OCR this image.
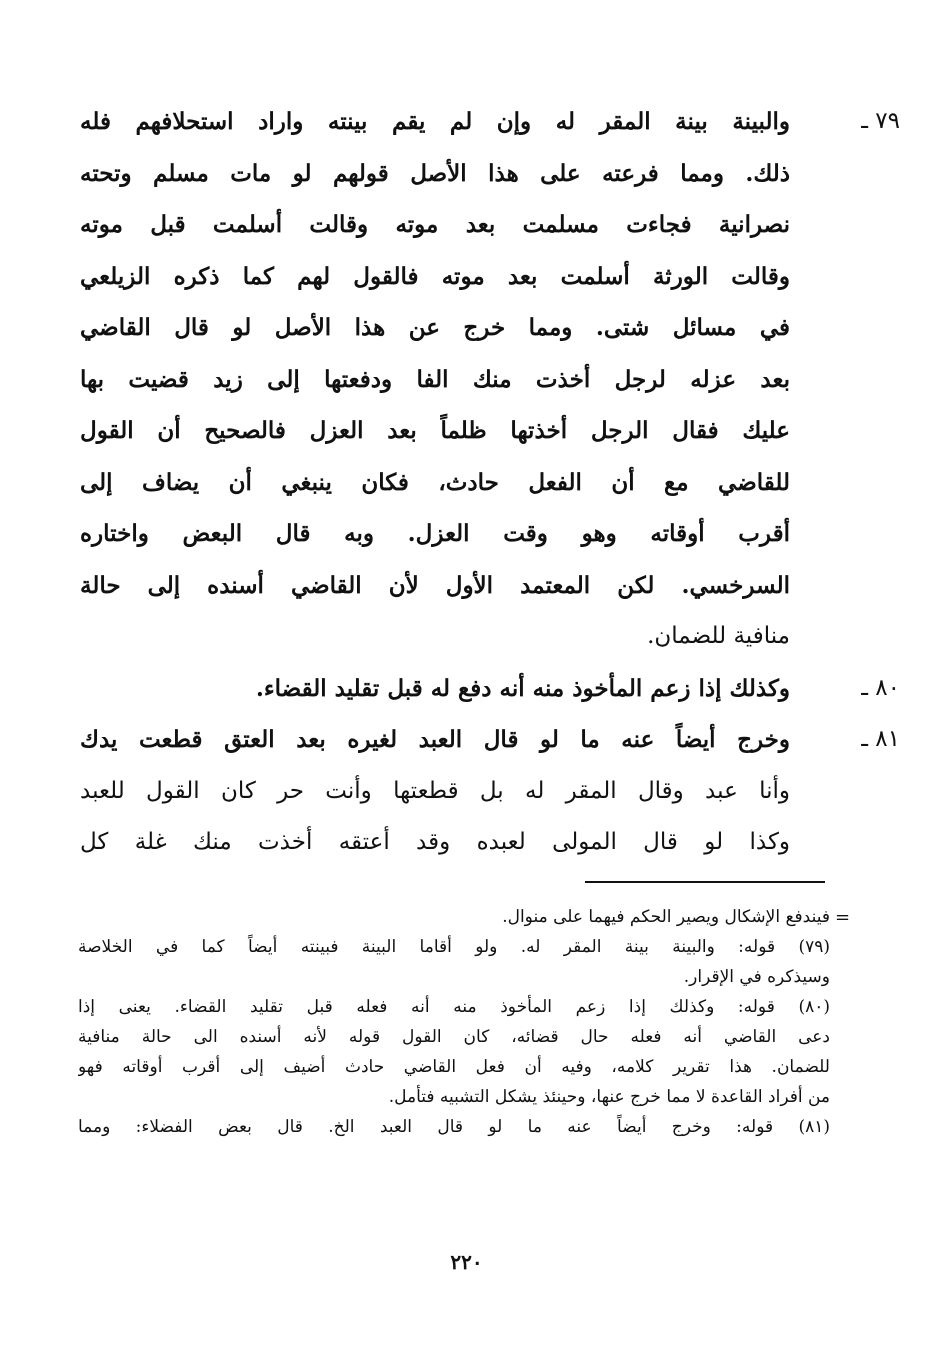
٧٩ ـ
والبينة بينة المقر له وإن لم يقم بينته واراد استحلافهم فله
ذلك. ومما فرعته على هذا الأصل قولهم لو مات مسلم وتحته
نصرانية فجاءت مسلمت بعد موته وقالت أسلمت قبل موته
وقالت الورثة أسلمت بعد موته فالقول لهم كما ذكره الزيلعي
في مسائل شتى. ومما خرج عن هذا الأصل لو قال القاضي
بعد عزله لرجل أخذت منك الفا ودفعتها إلى زيد قضيت بها
عليك فقال الرجل أخذتها ظلماً بعد العزل فالصحيح أن القول
للقاضي مع أن الفعل حادث، فكان ينبغي أن يضاف إلى
أقرب أوقاته وهو وقت العزل. وبه قال البعض واختاره
السرخسي. لكن المعتمد الأول لأن القاضي أسنده إلى حالة
منافية للضمان.
٨٠ ـ
وكذلك إذا زعم المأخوذ منه أنه دفع له قبل تقليد القضاء.
٨١ ـ
وخرج أيضاً عنه ما لو قال العبد لغيره بعد العتق قطعت يدك
وأنا عبد وقال المقر له بل قطعتها وأنت حر كان القول للعبد
وكذا لو قال المولى لعبده وقد أعتقه أخذت منك غلة كل
=
فيندفع الإشكال ويصير الحكم فيهما على منوال.
(٧٩) قوله: والبينة بينة المقر له. ولو أقاما البينة فبينته أيضاً كما في الخلاصة
وسيذكره في الإقرار.
(٨٠) قوله: وكذلك إذا زعم المأخوذ منه أنه فعله قبل تقليد القضاء. يعنى إذا
دعى القاضي أنه فعله حال قضائه، كان القول قوله لأنه أسنده الى حالة منافية
للضمان. هذا تقرير كلامه، وفيه أن فعل القاضي حادث أضيف إلى أقرب أوقاته فهو
من أفراد القاعدة لا مما خرج عنها، وحينئذ يشكل التشبيه فتأمل.
(٨١) قوله: وخرج أيضاً عنه ما لو قال العبد الخ. قال بعض الفضلاء: ومما
٢٢٠
